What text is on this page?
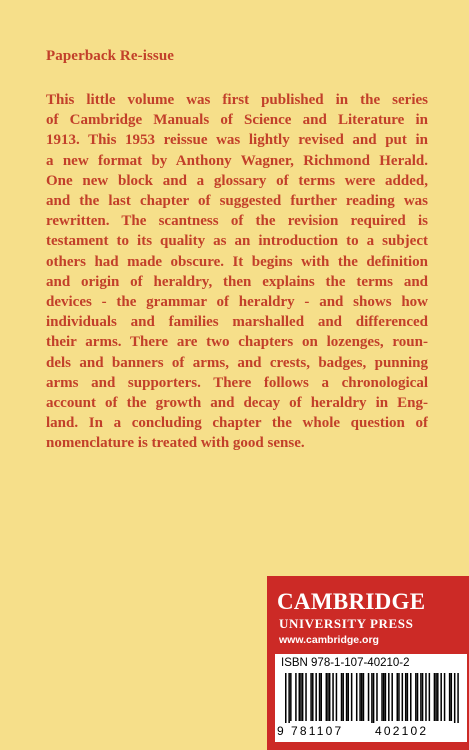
Paperback Re-issue
This little volume was first published in the series
of Cambridge Manuals of Science and Literature in
1913. This 1953 reissue was lightly revised and put in
a new format by Anthony Wagner, Richmond Herald.
One new block and a glossary of terms were added,
and the last chapter of suggested further reading was
rewritten. The scantness of the revision required is
testament to its quality as an introduction to a subject
others had made obscure. It begins with the definition
and origin of heraldry, then explains the terms and
devices - the grammar of heraldry - and shows how
individuals and families marshalled and differenced
their arms. There are two chapters on lozenges, roun-
dels and banners of arms, and crests, badges, punning
arms and supporters. There follows a chronological
account of the growth and decay of heraldry in Eng-
land. In a concluding chapter the whole question of
nomenclature is treated with good sense.
CAMBRIDGE
UNIVERSITY PRESS
www.cambridge.org
ISBN 978-1-107-40210-2
9 781107	402102
